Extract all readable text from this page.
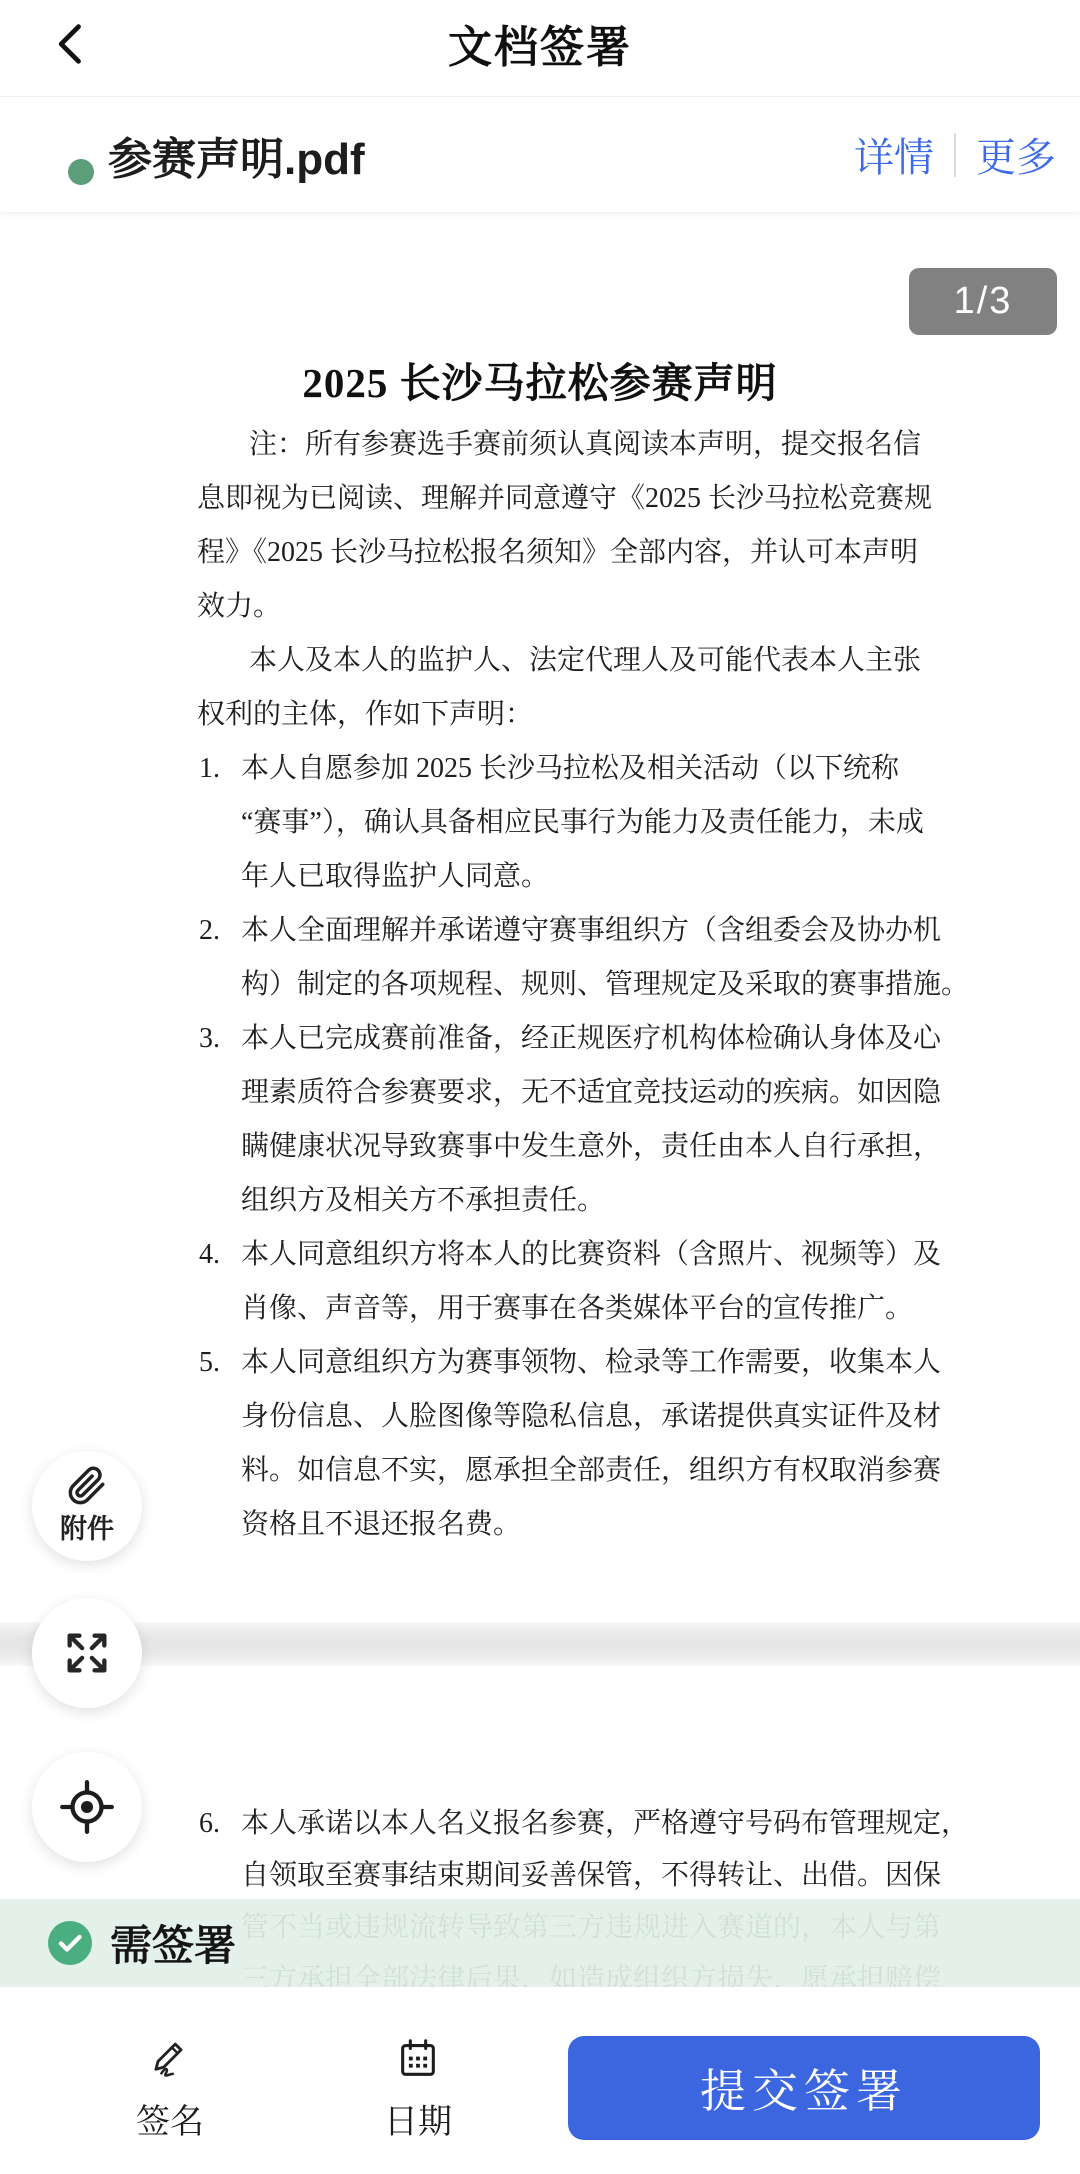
文档签署
参赛声明.pdf	详情 更多
1/3
2025 长沙马拉松参赛声明
注：所有参赛选手赛前须认真阅读本声明，提交报名信
息即视为已阅读、理解并同意遵守《2025 长沙马拉松竞赛规
程》《2025 长沙马拉松报名须知》全部内容，并认可本声明
效力。
本人及本人的监护人、法定代理人及可能代表本人主张
权利的主体，作如下声明：
1. 本人自愿参加 2025 长沙马拉松及相关活动（以下统称
“赛事”），确认具备相应民事行为能力及责任能力，未成
年人已取得监护人同意。
2. 本人全面理解并承诺遵守赛事组织方（含组委会及协办机
构）制定的各项规程、规则、管理规定及采取的赛事措施。
3. 本人已完成赛前准备，经正规医疗机构体检确认身体及心
理素质符合参赛要求，无不适宜竞技运动的疾病。如因隐
瞒健康状况导致赛事中发生意外，责任由本人自行承担，
组织方及相关方不承担责任。
4. 本人同意组织方将本人的比赛资料（含照片、视频等）及
肖像、声音等，用于赛事在各类媒体平台的宣传推广。
5. 本人同意组织方为赛事领物、检录等工作需要，收集本人
身份信息、人脸图像等隐私信息，承诺提供真实证件及材
料。如信息不实，愿承担全部责任，组织方有权取消参赛
资格且不退还报名费。
6. 本人承诺以本人名义报名参赛，严格遵守号码布管理规定，
自领取至赛事结束期间妥善保管，不得转让、出借。因保
附件
需签署
签名	日期
提交签署
